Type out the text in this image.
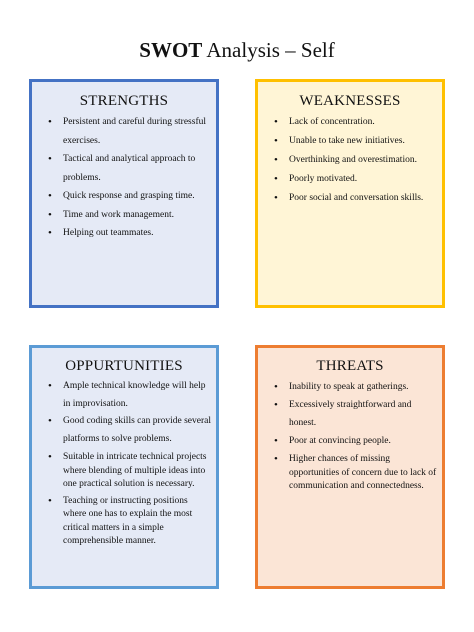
SWOT Analysis – Self
STRENGTHS
• Persistent and careful during stressful exercises.
• Tactical and analytical approach to problems.
• Quick response and grasping time.
• Time and work management.
• Helping out teammates.
WEAKNESSES
• Lack of concentration.
• Unable to take new initiatives.
• Overthinking and overestimation.
• Poorly motivated.
• Poor social and conversation skills.
OPPURTUNITIES
• Ample technical knowledge will help in improvisation.
• Good coding skills can provide several platforms to solve problems.
• Suitable in intricate technical projects where blending of multiple ideas into one practical solution is necessary.
• Teaching or instructing positions where one has to explain the most critical matters in a simple comprehensible manner.
THREATS
• Inability to speak at gatherings.
• Excessively straightforward and honest.
• Poor at convincing people.
• Higher chances of missing opportunities of concern due to lack of communication and connectedness.
